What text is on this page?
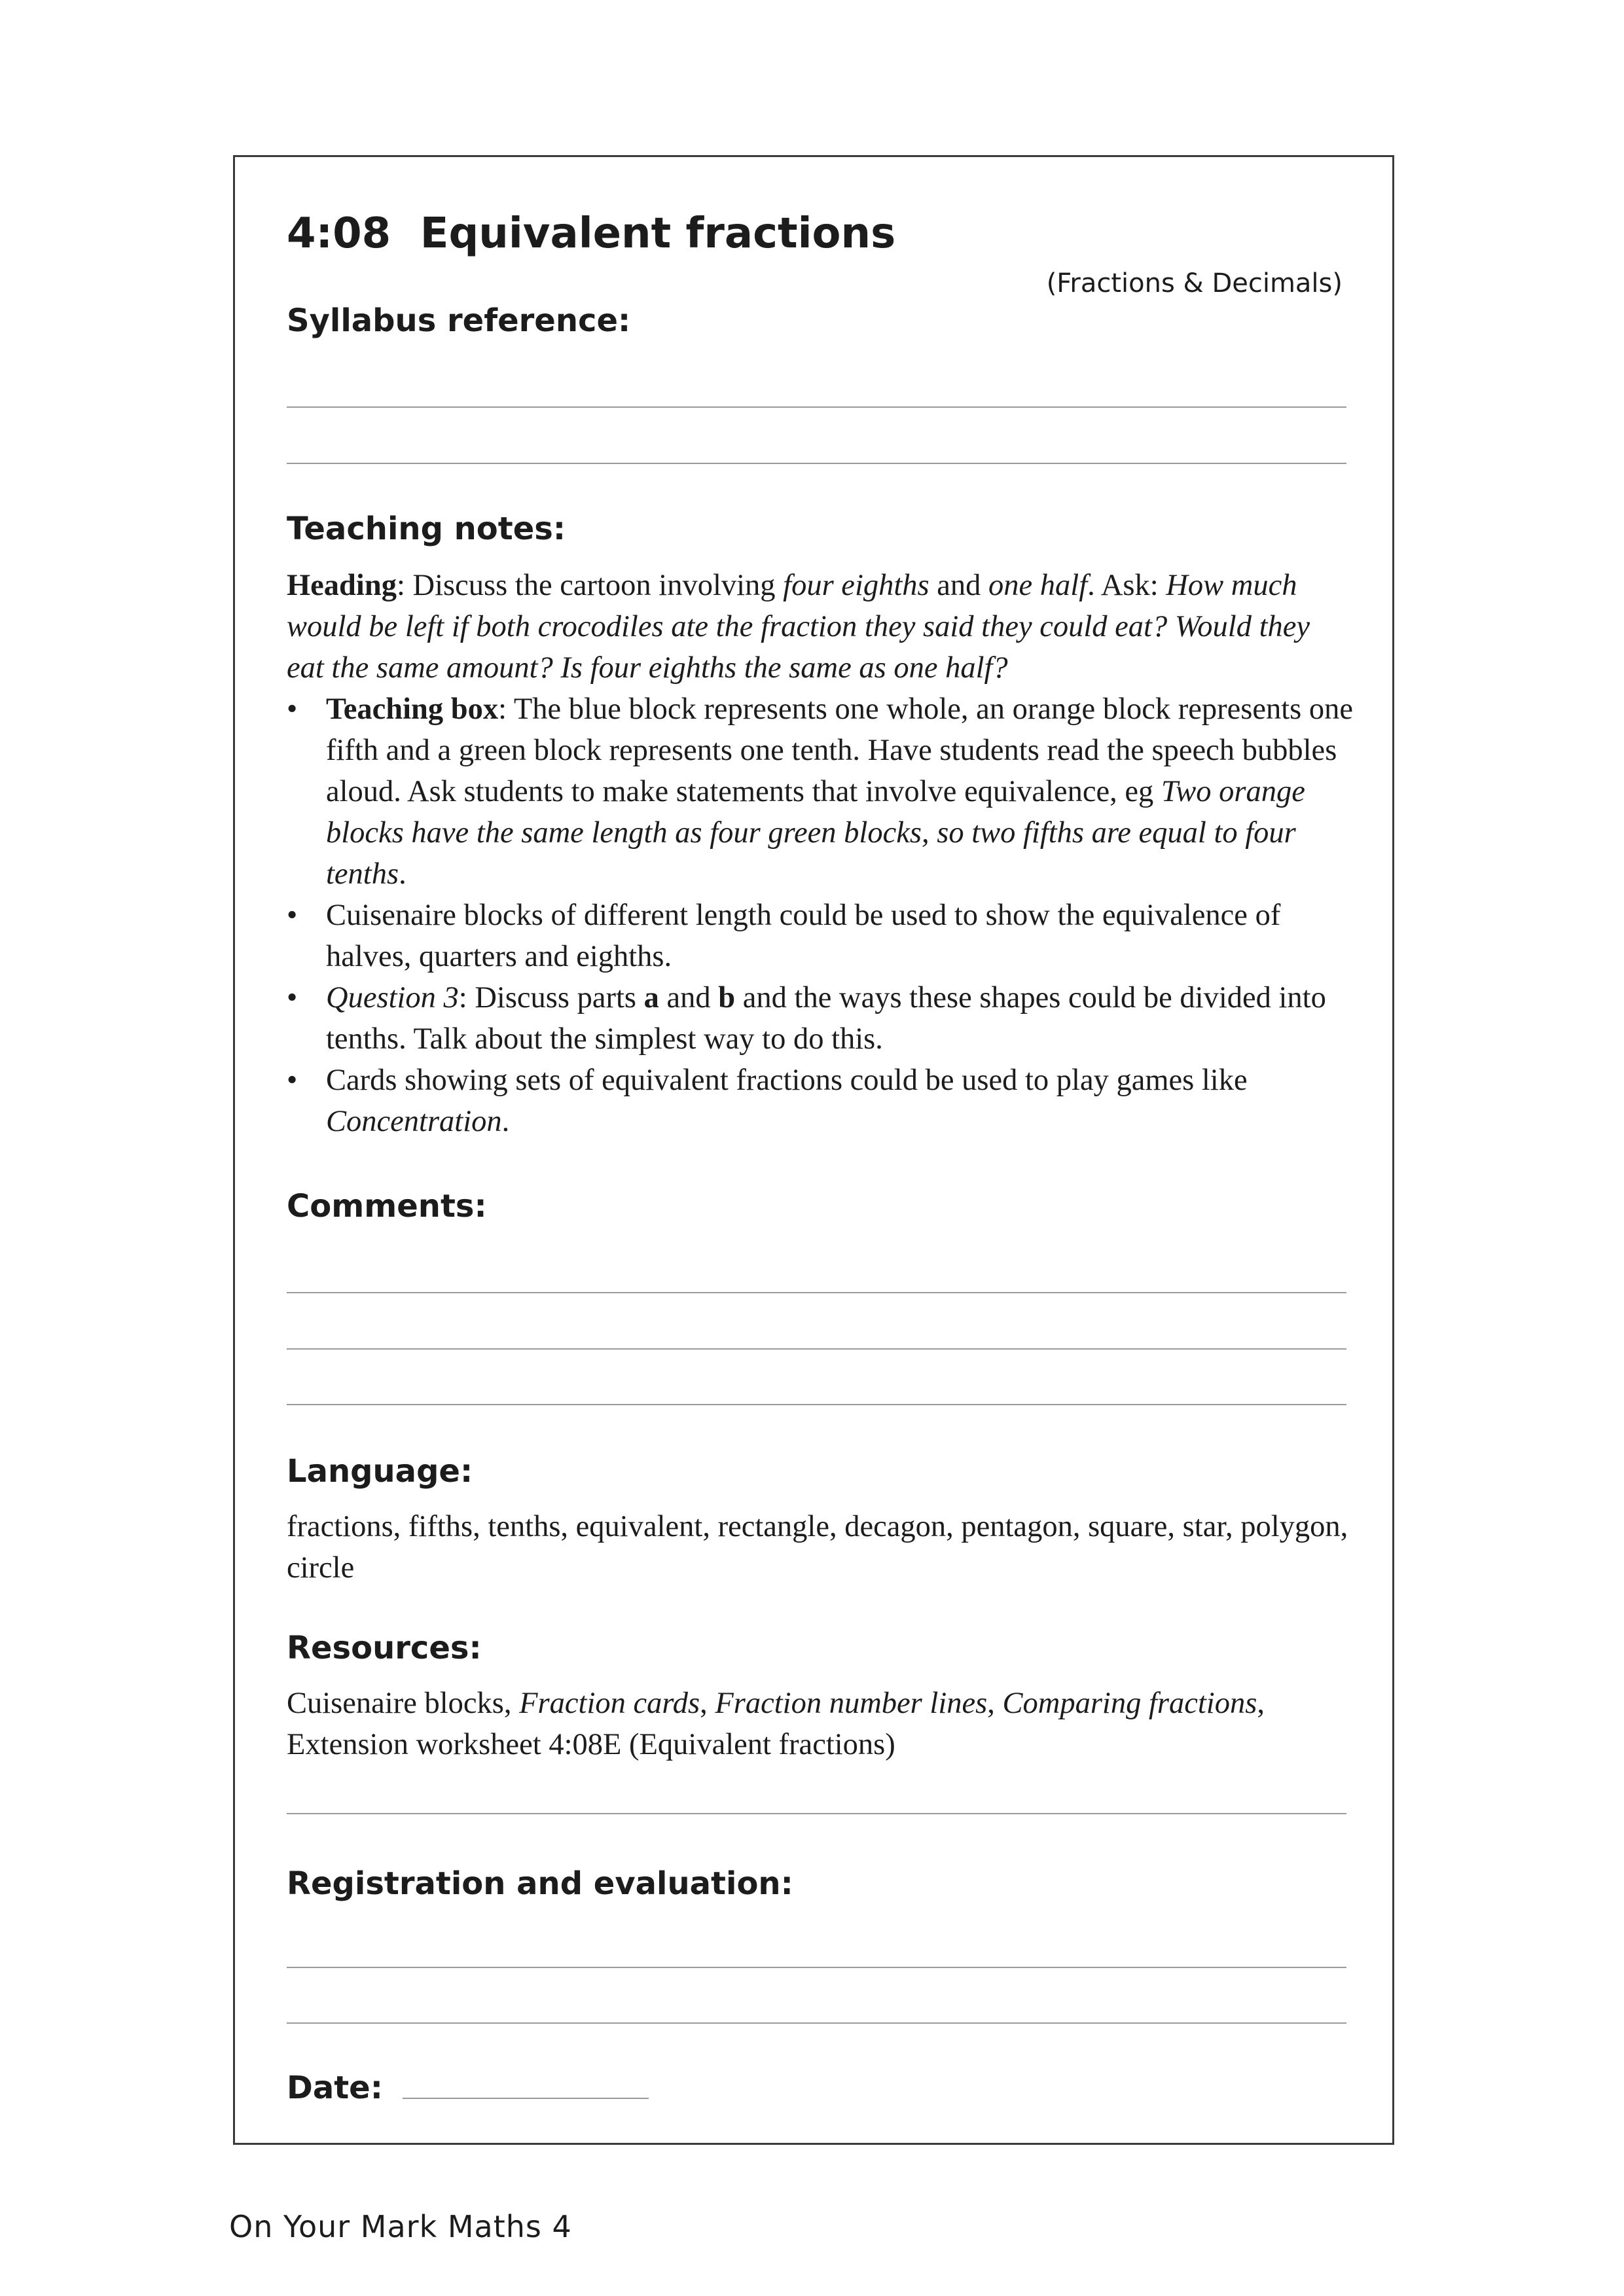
4:08 Equivalent fractions
(Fractions & Decimals)
Syllabus reference:
Teaching notes:

Heading: Discuss the cartoon involving four eighths and one half. Ask: How much would be left if both crocodiles ate the fraction they said they could eat? Would they eat the same amount? Is four eighths the same as one half?

• Teaching box: The blue block represents one whole, an orange block represents one fifth and a green block represents one tenth. Have students read the speech bubbles aloud. Ask students to make statements that involve equivalence, eg Two orange blocks have the same length as four green blocks, so two fifths are equal to four tenths.
• Cuisenaire blocks of different length could be used to show the equivalence of halves, quarters and eighths.
• Question 3: Discuss parts a and b and the ways these shapes could be divided into tenths. Talk about the simplest way to do this.
• Cards showing sets of equivalent fractions could be used to play games like Concentration.
Comments:
Language:

fractions, fifths, tenths, equivalent, rectangle, decagon, pentagon, square, star, polygon, circle

Resources:

Cuisenaire blocks, Fraction cards, Fraction number lines, Comparing fractions, Extension worksheet 4:08E (Equivalent fractions)

Registration and evaluation:
Date:
On Your Mark Maths 4
